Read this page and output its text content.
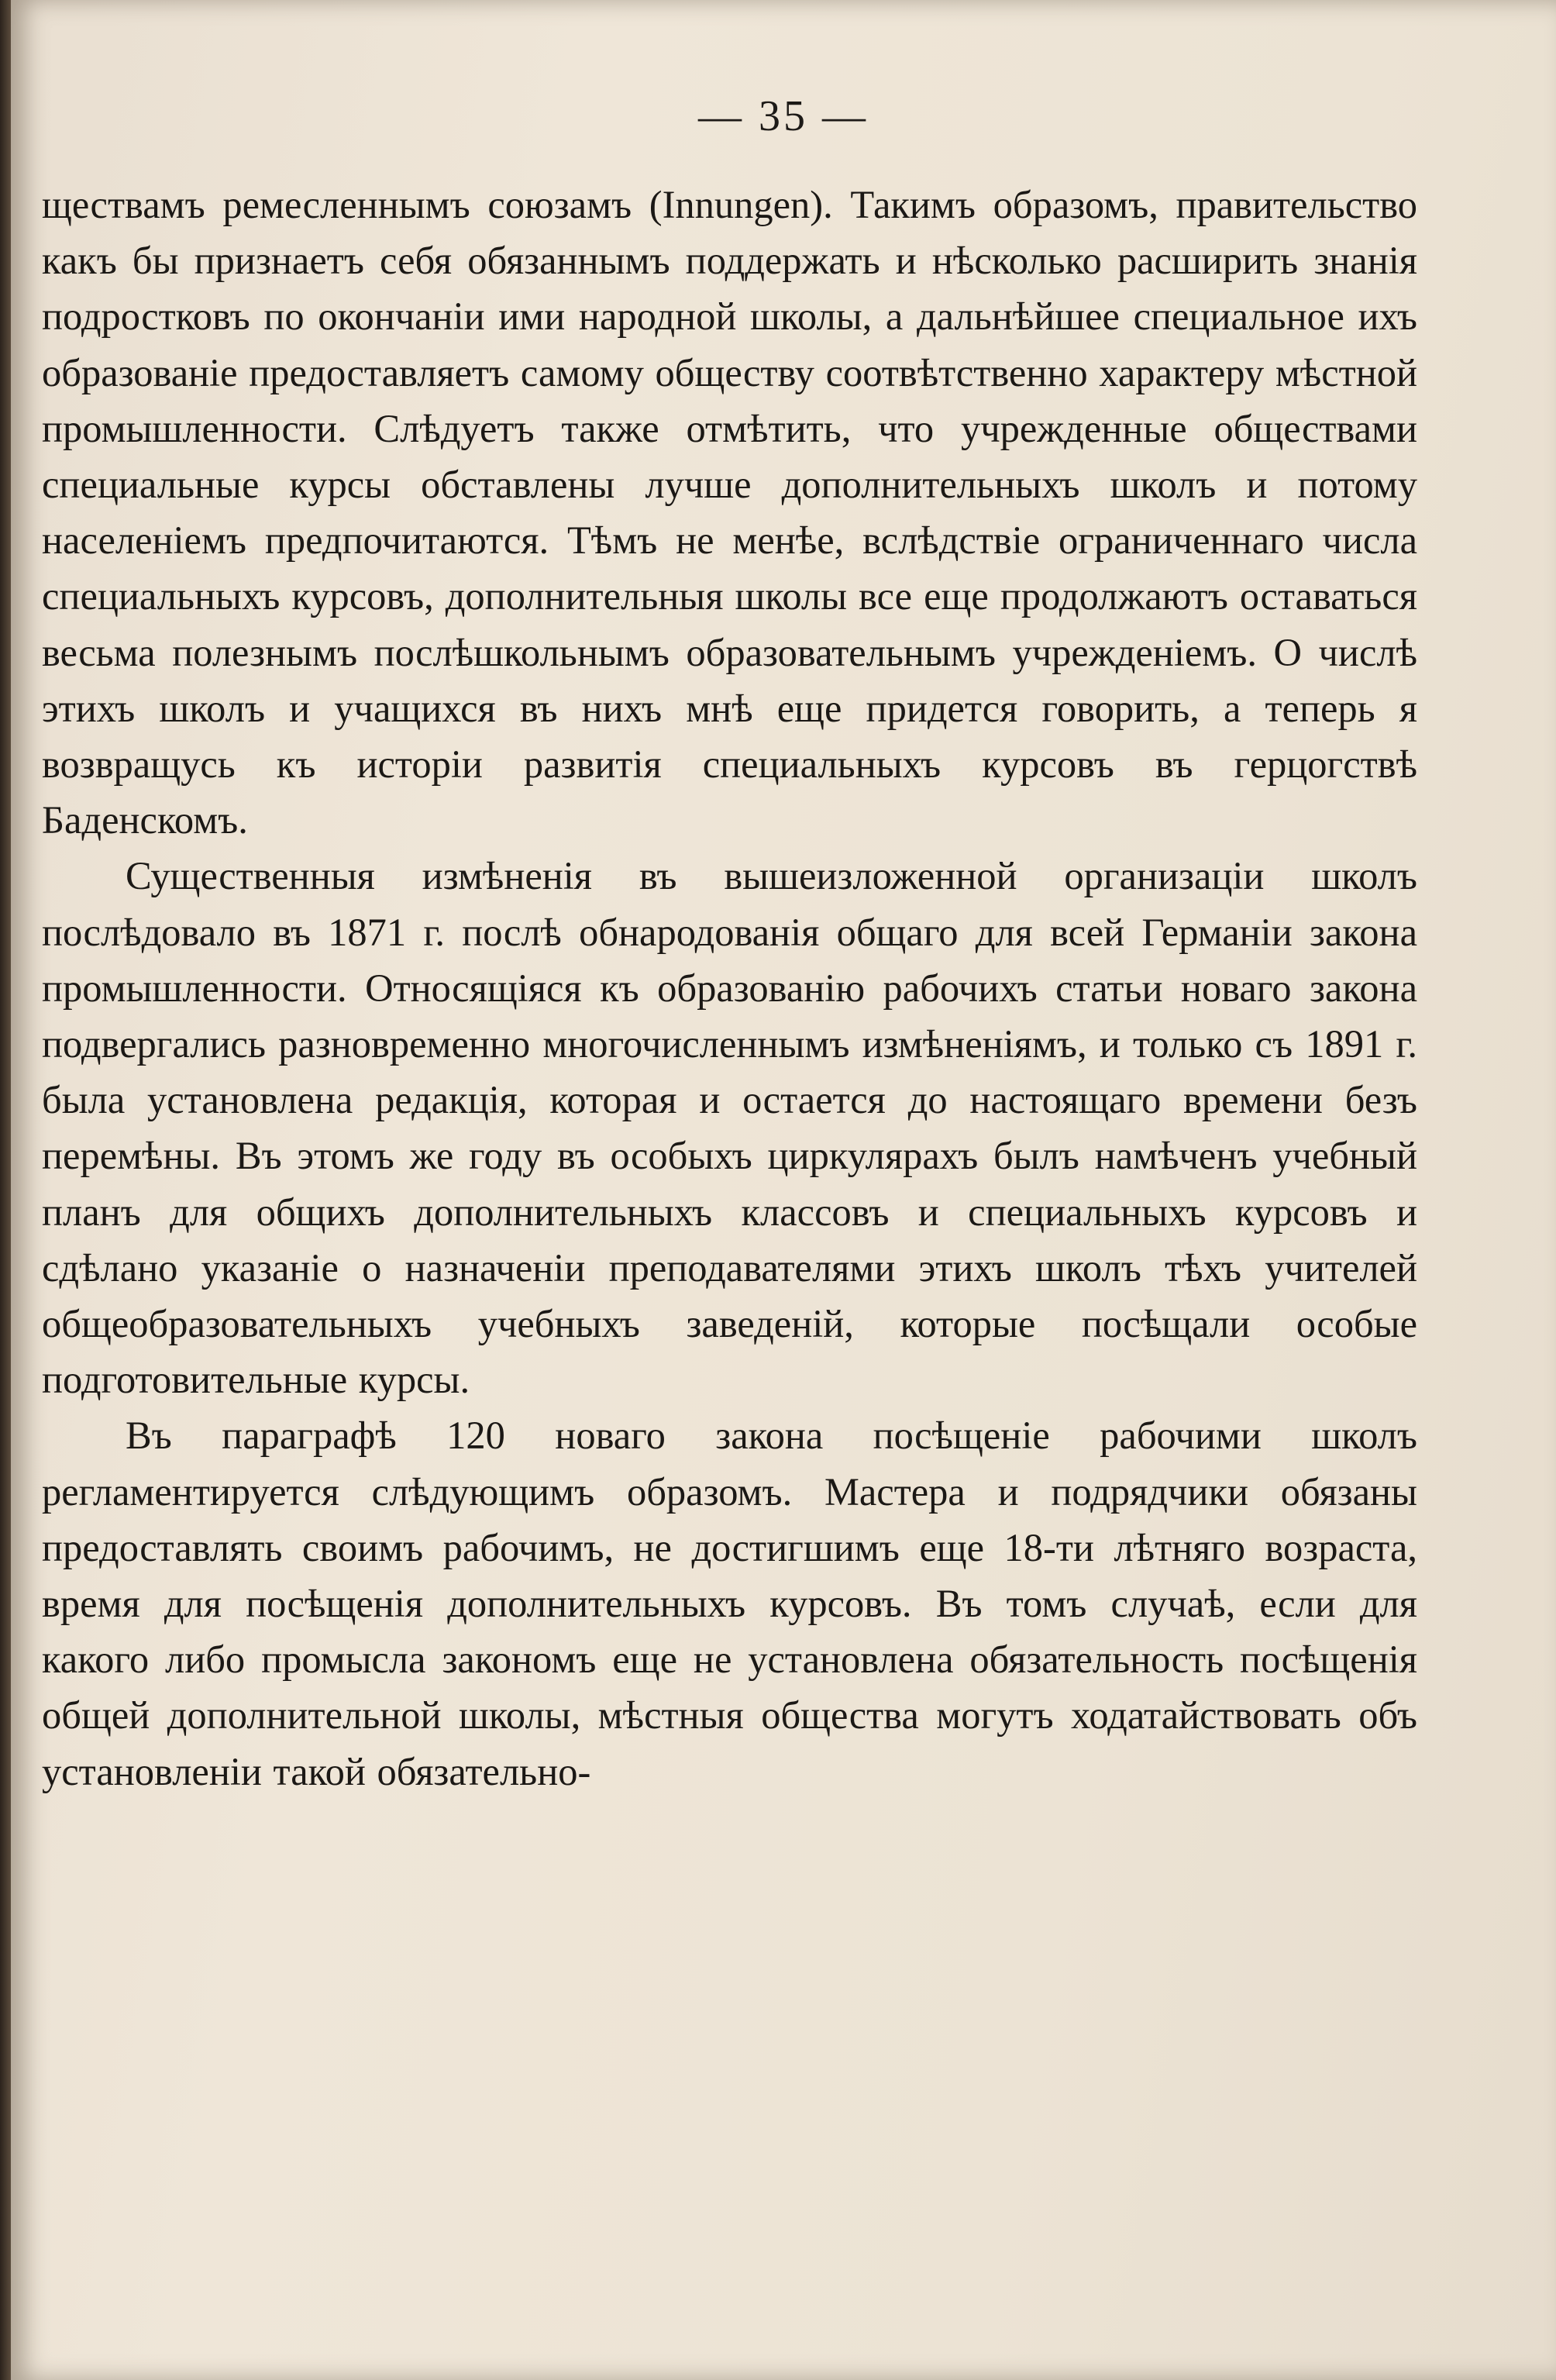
— 35 —

ществамъ ремесленнымъ союзамъ (Innungen). Такимъ образомъ, правительство какъ бы признаетъ себя обязаннымъ поддержать и нѣсколько расширить знанія подростковъ по окончаніи ими народной школы, а дальнѣйшее специальное ихъ образованіе предоставляетъ самому обществу соотвѣтственно характеру мѣстной промышленности. Слѣдуетъ также отмѣтить, что учрежденные обществами специальные курсы обставлены лучше дополнительныхъ школъ и потому населеніемъ предпочитаются. Тѣмъ не менѣе, вслѣдствіе ограниченнаго числа специальныхъ курсовъ, дополнительныя школы все еще продолжаютъ оставаться весьма полезнымъ послѣшкольнымъ образовательнымъ учрежденіемъ. О числѣ этихъ школъ и учащихся въ нихъ мнѣ еще придется говорить, а теперь я возвращусь къ исторіи развитія специальныхъ курсовъ въ герцогствѣ Баденскомъ.

Существенныя измѣненія въ вышеизложенной организаціи школъ послѣдовало въ 1871 г. послѣ обнародованія общаго для всей Германіи закона промышленности. Относящіяся къ образованію рабочихъ статьи новаго закона подвергались разновременно многочисленнымъ измѣненіямъ, и только съ 1891 г. была установлена редакція, которая и остается до настоящаго времени безъ перемѣны. Въ этомъ же году въ особыхъ циркулярахъ былъ намѣченъ учебный планъ для общихъ дополнительныхъ классовъ и специальныхъ курсовъ и сдѣлано указаніе о назначеніи преподавателями этихъ школъ тѣхъ учителей общеобразовательныхъ учебныхъ заведеній, которые посѣщали особые подготовительные курсы.

Въ параграфѣ 120 новаго закона посѣщеніе рабочими школъ регламентируется слѣдующимъ образомъ. Мастера и подрядчики обязаны предоставлять своимъ рабочимъ, не достигшимъ еще 18-ти лѣтняго возраста, время для посѣщенія дополнительныхъ курсовъ. Въ томъ случаѣ, если для какого либо промысла закономъ еще не установлена обязательность посѣщенія общей дополнительной школы, мѣстныя общества могутъ ходатайствовать объ установленіи такой обязательно-
